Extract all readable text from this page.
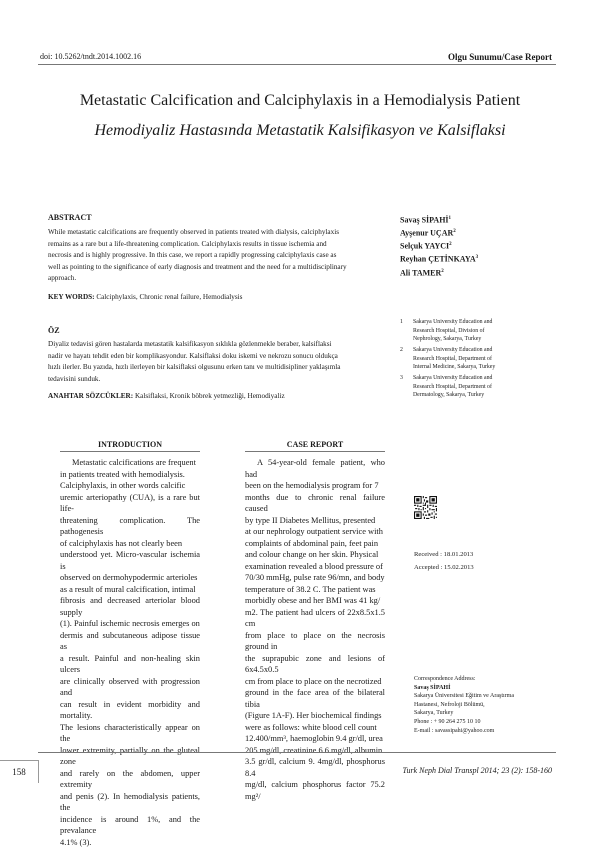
doi: 10.5262/tndt.2014.1002.16	Olgu Sunumu/Case Report
Metastatic Calcification and Calciphylaxis in a Hemodialysis Patient
Hemodiyaliz Hastasında Metastatik Kalsifikasyon ve Kalsiflaksi
ABSTRACT
While metastatic calcifications are frequently observed in patients treated with dialysis, calciphylaxis
remains as a rare but a life-threatening complication. Calciphylaxis results in tissue ischemia and
necrosis and is highly progressive. In this case, we report a rapidly progressing calciphylaxis case as
well as pointing to the significance of early diagnosis and treatment and the need for a multidisciplinary
approach.
KEY WORDS: Calciphylaxis, Chronic renal failure, Hemodialysis
ÖZ
Diyaliz tedavisi gören hastalarda metastatik kalsifikasyon sıklıkla gözlenmekle beraber, kalsiflaksi
nadir ve hayatı tehdit eden bir komplikasyondur. Kalsiflaksi doku iskemi ve nekrozu sonucu oldukça
hızlı ilerler. Bu yazıda, hızlı ilerleyen bir kalsiflaksi olgusunu erken tanı ve multidisipliner yaklaşımla
tedavisini sunduk.
ANAHTAR SÖZCÜKLER: Kalsiflaksi, Kronik böbrek yetmezliği, Hemodiyaliz
Savaş SİPAHİ$^1$
Ayşenur UÇAR$^2$
Selçuk YAYCI$^2$
Reyhan ÇETİNKAYA$^3$
Ali TAMER$^2$
1 Sakarya University Education and
Research Hospital, Division of
Nephrology, Sakarya, Turkey
2 Sakarya University Education and
Research Hospital, Department of
Internal Medicine, Sakarya, Turkey
3 Sakarya University Education and
Research Hospital, Department of
Dermatology, Sakarya, Turkey
INTRODUCTION
Metastatic calcifications are frequent
in patients treated with hemodialysis.
Calciphylaxis, in other words calcific
uremic arteriopathy (CUA), is a rare but life-
threatening complication. The pathogenesis
of calciphylaxis has not clearly been
understood yet. Micro-vascular ischemia is
observed on dermohypodermic arterioles
as a result of mural calcification, intimal
fibrosis and decreased arteriolar blood supply
(1). Painful ischemic necrosis emerges on
dermis and subcutaneous adipose tissue as
a result. Painful and non-healing skin ulcers
are clinically observed with progression and
can result in evident morbidity and mortality.
The lesions characteristically appear on the
lower extremity, partially on the gluteal zone
and rarely on the abdomen, upper extremity
and penis (2). In hemodialysis patients, the
incidence is around 1%, and the prevalance
4.1% (3).
CASE REPORT
A 54-year-old female patient, who had
been on the hemodialysis program for 7
months due to chronic renal failure caused
by type II Diabetes Mellitus, presented
at our nephrology outpatient service with
complaints of abdominal pain, feet pain
and colour change on her skin. Physical
examination revealed a blood pressure of
70/30 mmHg, pulse rate 96/mn, and body
temperature of 38.2 C. The patient was
morbidly obese and her BMI was 41 kg/
m2. The patient had ulcers of 22x8.5x1.5 cm
from place to place on the necrosis ground in
the suprapubic zone and lesions of 6x4.5x0.5
cm from place to place on the necrotized
ground in the face area of the bilateral tibia
(Figure 1A-F). Her biochemical findings
were as follows: white blood cell count
12.400/mm³, haemoglobin 9.4 gr/dl, urea
205 mg/dl, creatinine 6.6 mg/dl, albumin
3.5 gr/dl, calcium 9. 4mg/dl, phosphorus 8.4
mg/dl, calcium phosphorus factor 75.2 mg²/
Received : 18.01.2013
Accepted : 15.02.2013
Correspondence Address:
Savaş SİPAHİ
Sakarya Üniversitesi Eğitim ve Araştırma
Hastanesi, Nefroloji Bölümü,
Sakarya, Turkey
Phone : + 90 264 275 10 10
E-mail : savassipahi@yahoo.com
158	Turk Neph Dial Transpl 2014; 23 (2): 158-160
